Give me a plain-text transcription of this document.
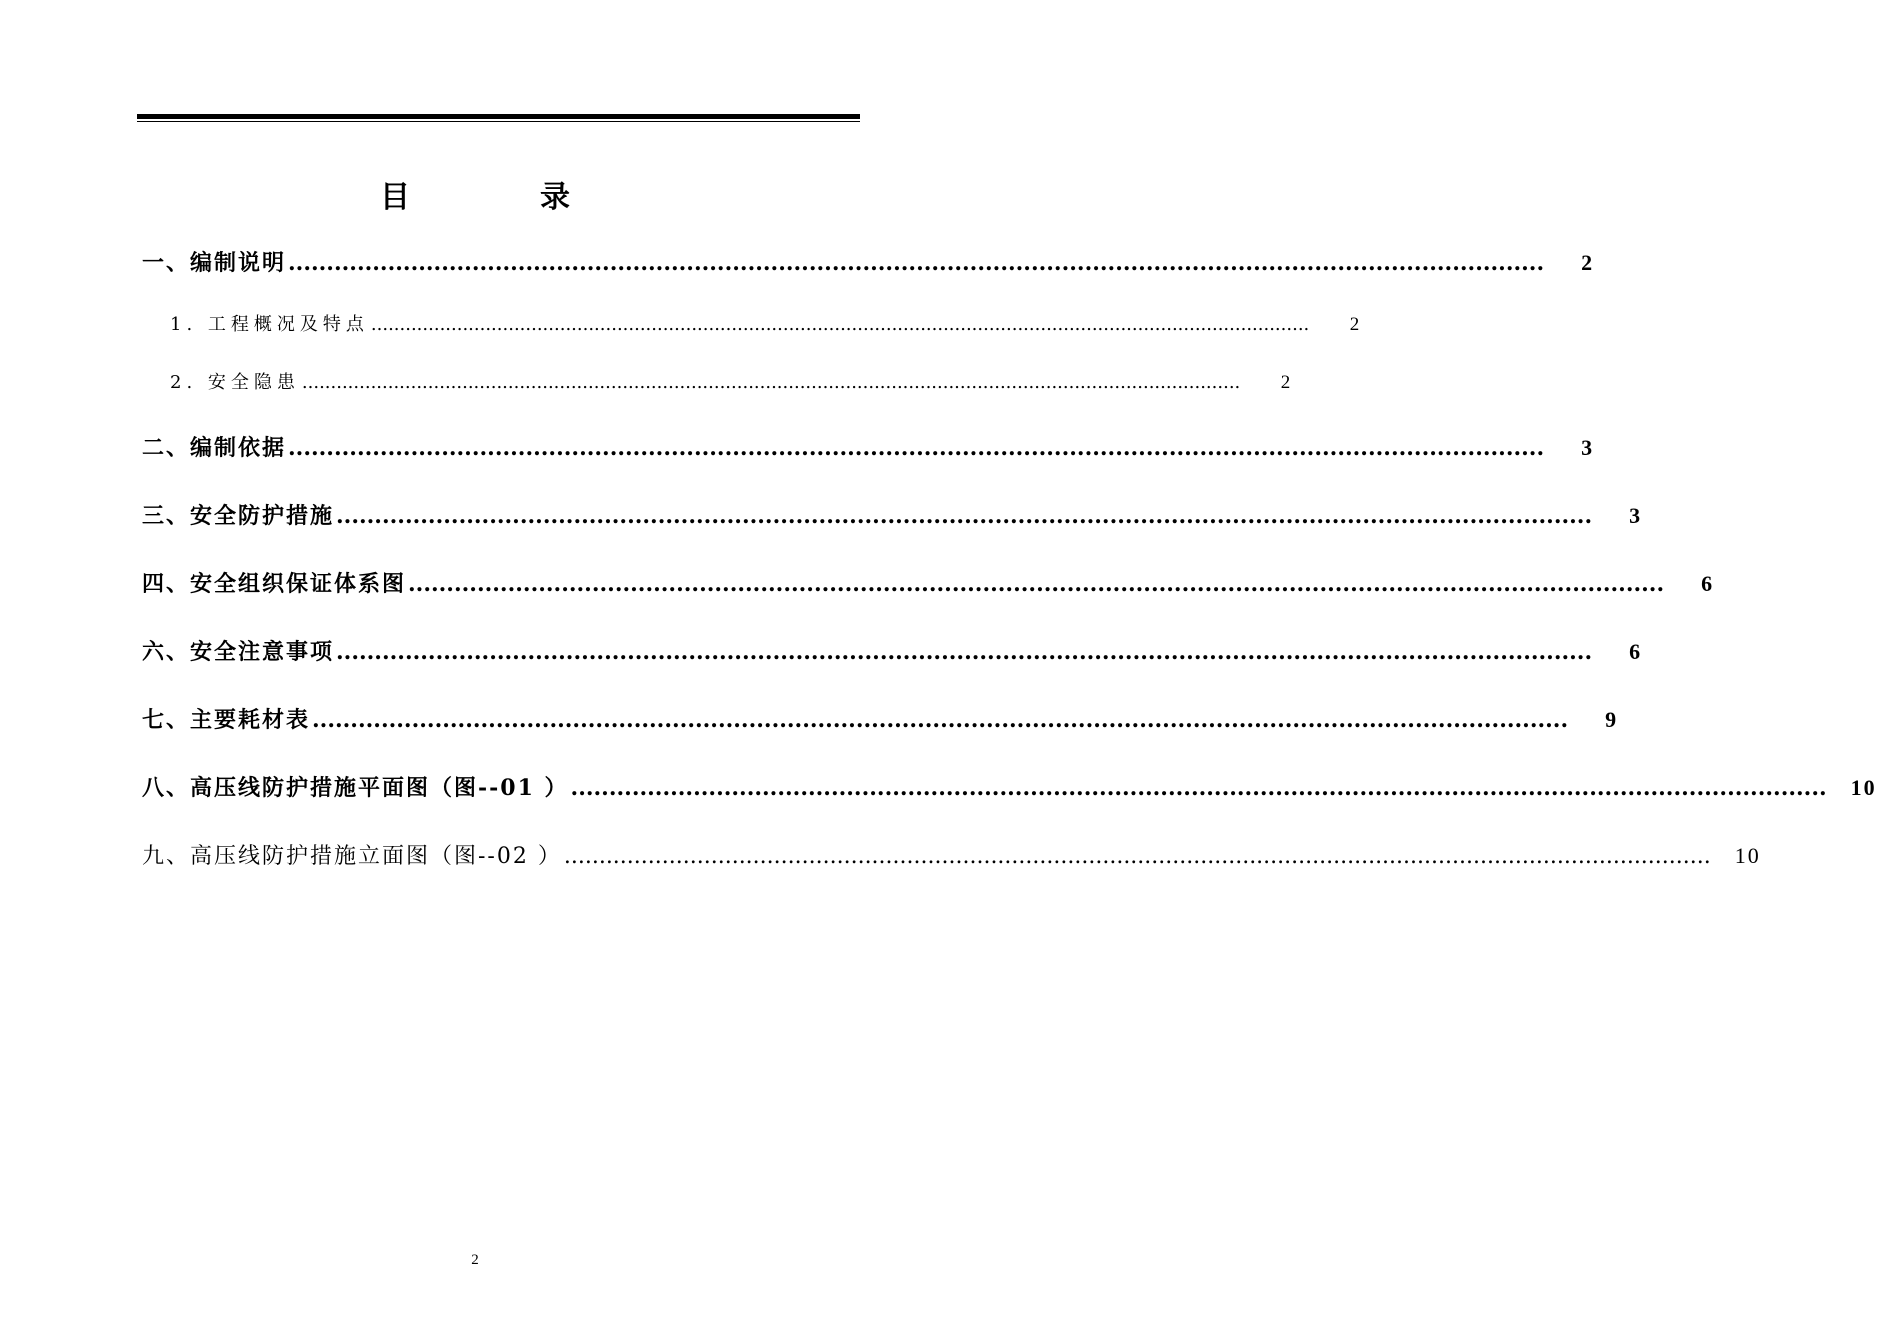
目	录
一、编制说明 ....................................................................................................................................................................	2
1. 工程概况及特点 ....................................................................................................................................................................	2
2. 安全隐患 ....................................................................................................................................................................	2
二、编制依据 ....................................................................................................................................................................	3
三、安全防护措施 ....................................................................................................................................................................	3
四、安全组织保证体系图 ....................................................................................................................................................................	6
六、安全注意事项 ....................................................................................................................................................................	6
七、主要耗材表 ....................................................................................................................................................................	9
八、高压线防护措施平面图（图--01 ） ....................................................................................................................................................................	10
九、高压线防护措施立面图（图--02 ） ....................................................................................................................................................................	10
2
